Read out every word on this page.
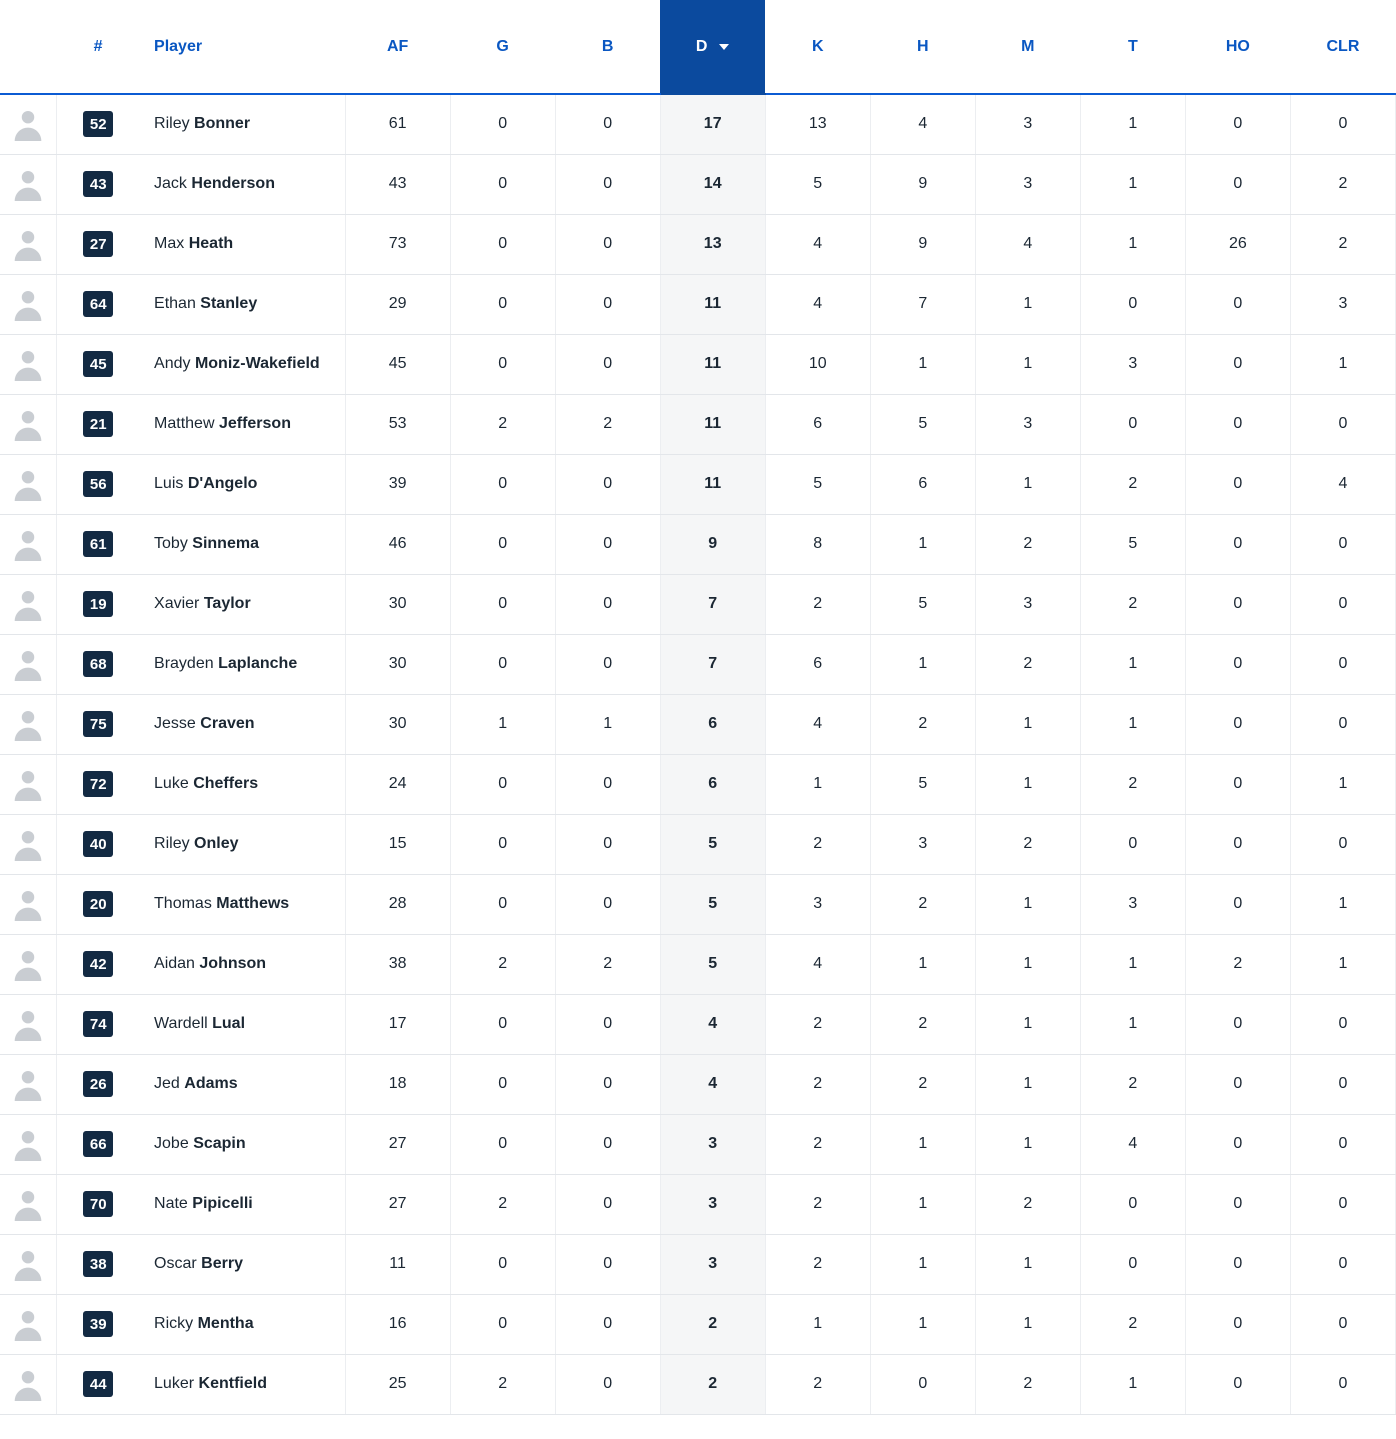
	#	Player	AF	G	B	D	K	H	M	T	HO	CLR
	52	Riley Bonner	61	0	0	17	13	4	3	1	0	0
	43	Jack Henderson	43	0	0	14	5	9	3	1	0	2
	27	Max Heath	73	0	0	13	4	9	4	1	26	2
	64	Ethan Stanley	29	0	0	11	4	7	1	0	0	3
	45	Andy Moniz-Wakefield	45	0	0	11	10	1	1	3	0	1
	21	Matthew Jefferson	53	2	2	11	6	5	3	0	0	0
	56	Luis D'Angelo	39	0	0	11	5	6	1	2	0	4
	61	Toby Sinnema	46	0	0	9	8	1	2	5	0	0
	19	Xavier Taylor	30	0	0	7	2	5	3	2	0	0
	68	Brayden Laplanche	30	0	0	7	6	1	2	1	0	0
	75	Jesse Craven	30	1	1	6	4	2	1	1	0	0
	72	Luke Cheffers	24	0	0	6	1	5	1	2	0	1
	40	Riley Onley	15	0	0	5	2	3	2	0	0	0
	20	Thomas Matthews	28	0	0	5	3	2	1	3	0	1
	42	Aidan Johnson	38	2	2	5	4	1	1	1	2	1
	74	Wardell Lual	17	0	0	4	2	2	1	1	0	0
	26	Jed Adams	18	0	0	4	2	2	1	2	0	0
	66	Jobe Scapin	27	0	0	3	2	1	1	4	0	0
	70	Nate Pipicelli	27	2	0	3	2	1	2	0	0	0
	38	Oscar Berry	11	0	0	3	2	1	1	0	0	0
	39	Ricky Mentha	16	0	0	2	1	1	1	2	0	0
	44	Luker Kentfield	25	2	0	2	2	0	2	1	0	0
